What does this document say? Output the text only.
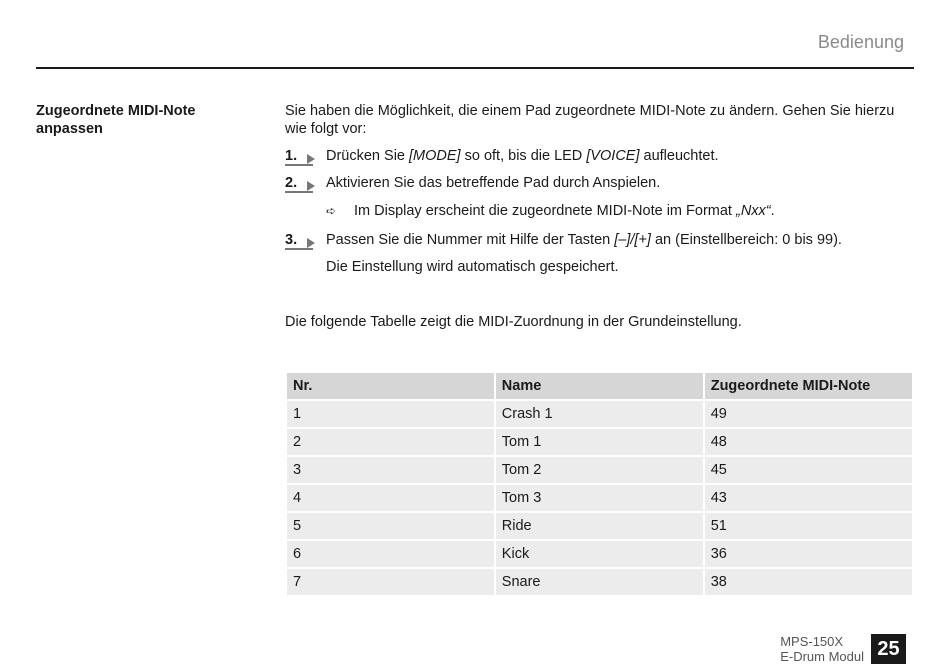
Bedienung
Zugeordnete MIDI-Note
anpassen
Sie haben die Möglichkeit, die einem Pad zugeordnete MIDI-Note zu ändern. Gehen Sie hierzu
wie folgt vor:
1.	Drücken Sie [MODE] so oft, bis die LED [VOICE] aufleuchtet.
2.	Aktivieren Sie das betreffende Pad durch Anspielen.
➪ Im Display erscheint die zugeordnete MIDI-Note im Format „Nxx“.
3.	Passen Sie die Nummer mit Hilfe der Tasten [–]/[+] an (Einstellbereich: 0 bis 99).
Die Einstellung wird automatisch gespeichert.
Die folgende Tabelle zeigt die MIDI-Zuordnung in der Grundeinstellung.
Nr.	Name	Zugeordnete MIDI-Note
1	Crash 1	49
2	Tom 1	48
3	Tom 2	45
4	Tom 3	43
5	Ride	51
6	Kick	36
7	Snare	38
MPS-150X
E-Drum Modul 25
